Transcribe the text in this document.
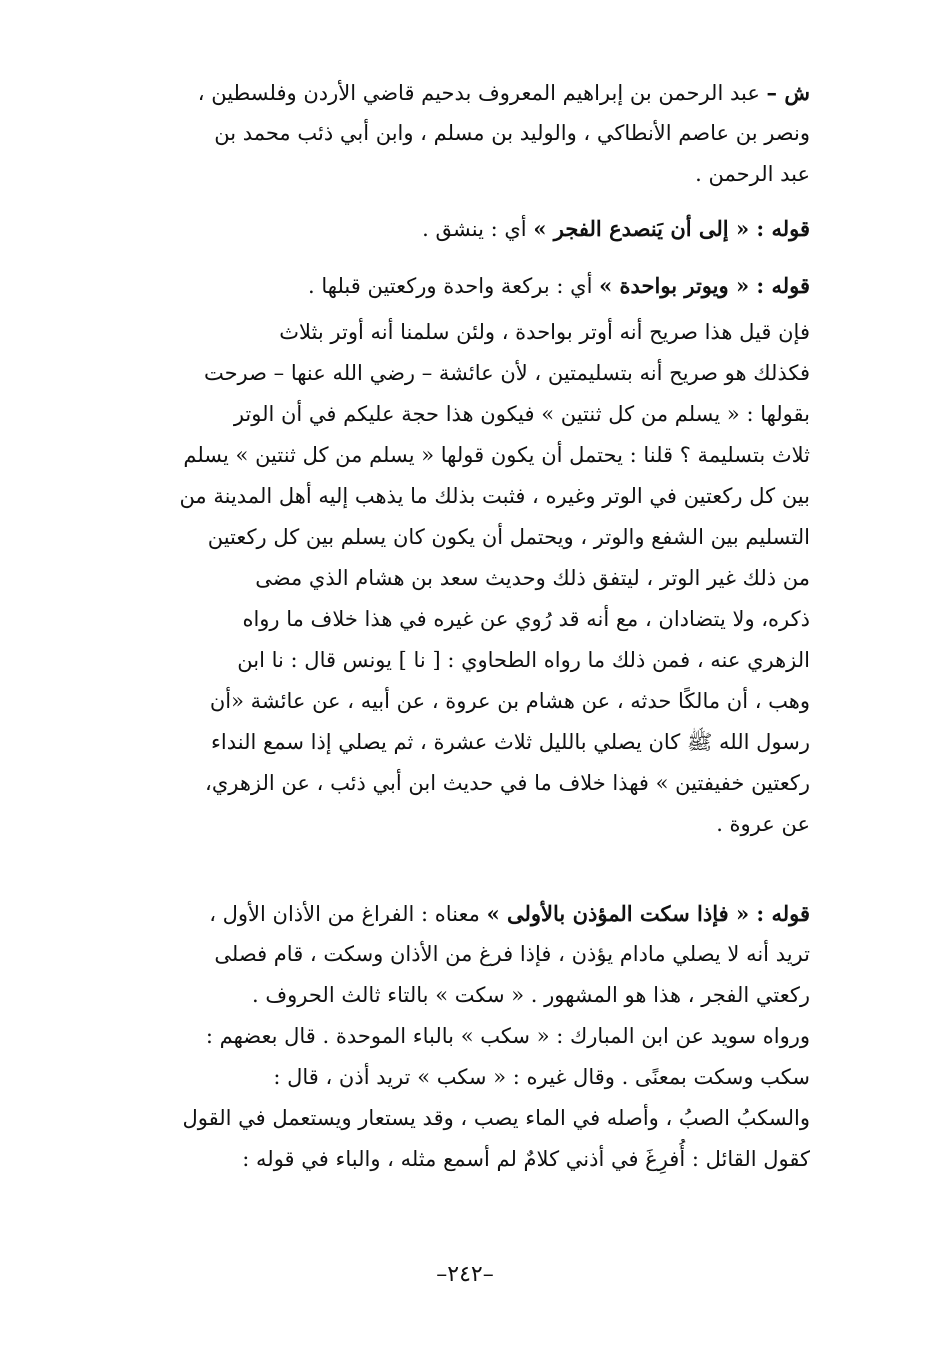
ش – عبد الرحمن بن إبراهيم المعروف بدحيم قاضي الأردن وفلسطين ،
ونصر بن عاصم الأنطاكي ، والوليد بن مسلم ، وابن أبي ذئب محمد بن
عبد الرحمن .
قوله : « إلى أن يَنصدع الفجر » أي : ينشق .
قوله : « ويوتر بواحدة » أي : بركعة واحدة وركعتين قبلها .
فإن قيل هذا صريح أنه أوتر بواحدة ، ولئن سلمنا أنه أوتر بثلاث
فكذلك هو صريح أنه بتسليمتين ، لأن عائشة – رضي الله عنها – صرحت
بقولها : « يسلم من كل ثنتين » فيكون هذا حجة عليكم في أن الوتر
ثلاث بتسليمة ؟ قلنا : يحتمل أن يكون قولها « يسلم من كل ثنتين » يسلم
بين كل ركعتين في الوتر وغيره ، فثبت بذلك ما يذهب إليه أهل المدينة من
التسليم بين الشفع والوتر ، ويحتمل أن يكون كان يسلم بين كل ركعتين
من ذلك غير الوتر ، ليتفق ذلك وحديث سعد بن هشام الذي مضى
ذكره، ولا يتضادان ، مع أنه قد رُوي عن غيره في هذا خلاف ما رواه
الزهري عنه ، فمن ذلك ما رواه الطحاوي : [ نا ] يونس قال : نا ابن
وهب ، أن مالكًا حدثه ، عن هشام بن عروة ، عن أبيه ، عن عائشة «أن
رسول الله ﷺ كان يصلي بالليل ثلاث عشرة ، ثم يصلي إذا سمع النداء
ركعتين خفيفتين » فهذا خلاف ما في حديث ابن أبي ذئب ، عن الزهري،
عن عروة .
قوله : « فإذا سكت المؤذن بالأولى » معناه : الفراغ من الأذان الأول ،
تريد أنه لا يصلي مادام يؤذن ، فإذا فرغ من الأذان وسكت ، قام فصلى
ركعتي الفجر ، هذا هو المشهور . « سكت » بالتاء ثالث الحروف .
ورواه سويد عن ابن المبارك : « سكب » بالباء الموحدة . قال بعضهم :
سكب وسكت بمعنًى . وقال غيره : « سكب » تريد أذن ، قال :
والسكبُ الصبُ ، وأصله في الماء يصب ، وقد يستعار ويستعمل في القول
كقول القائل : أُفرِغَ في أذني كلامٌ لم أسمع مثله ، والباء في قوله :
–٢٤٢–
